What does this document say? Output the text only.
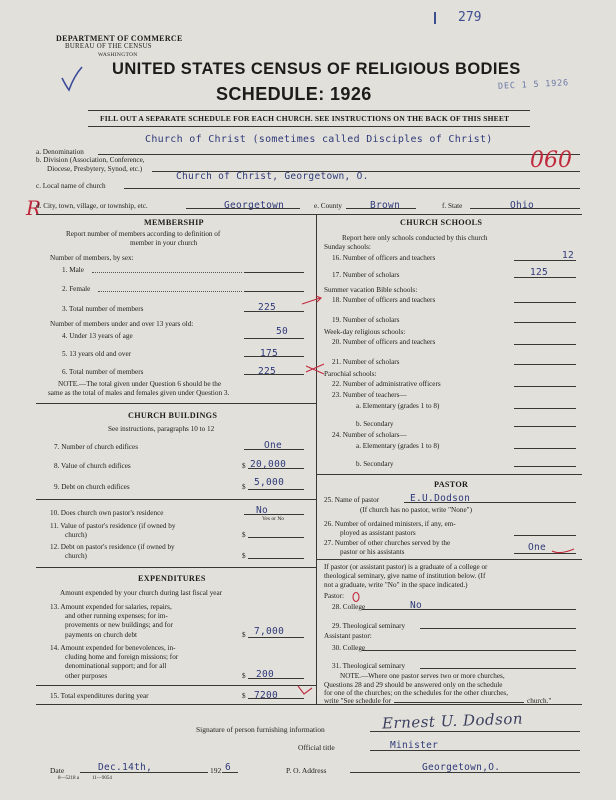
DEPARTMENT OF COMMERCE
BUREAU OF THE CENSUS
WASHINGTON
279
UNITED STATES CENSUS OF RELIGIOUS BODIES
SCHEDULE: 1926	DEC 1 5 1926
FILL OUT A SEPARATE SCHEDULE FOR EACH CHURCH. SEE INSTRUCTIONS ON THE BACK OF THIS SHEET
Church of Christ (sometimes called Disciples of Christ)
a. Denomination
b. Division (Association, Conference,
Diocese, Presbytery, Synod, etc.)	060
Church of Christ, Georgetown, O.
c. Local name of church
R
d. City, town, village, or township, etc.	Georgetown	e. County	Brown	f. State	Ohio
MEMBERSHIP
Report number of members according to definition of
member in your church
Number of members, by sex:
1. Male
2. Female
3. Total number of members	225
Number of members under and over 13 years old:
4. Under 13 years of age	50
5. 13 years old and over	175
6. Total number of members	225
NOTE.—The total given under Question 6 should be the
same as the total of males and females given under Question 3.
CHURCH BUILDINGS
See instructions, paragraphs 10 to 12
7. Number of church edifices	One
8. Value of church edifices	$ 20,000
9. Debt on church edifices	$ 5,000
10. Does church own pastor's residence	No
Yes or No
11. Value of pastor's residence (if owned by
church)	$
12. Debt on pastor's residence (if owned by
church)	$
EXPENDITURES
Amount expended by your church during last fiscal year
13. Amount expended for salaries, repairs,
and other running expenses; for im-
provements or new buildings; and for
payments on church debt	$ 7,000
14. Amount expended for benevolences, in-
cluding home and foreign missions; for
denominational support; and for all
other purposes	$ 200
15. Total expenditures during year	$ 7200
CHURCH SCHOOLS
Report here only schools conducted by this church
Sunday schools:
16. Number of officers and teachers	12
17. Number of scholars	125
Summer vacation Bible schools:
18. Number of officers and teachers
19. Number of scholars
Week-day religious schools:
20. Number of officers and teachers
21. Number of scholars
Parochial schools:
22. Number of administrative officers
23. Number of teachers—
a. Elementary (grades 1 to 8)
b. Secondary
24. Number of scholars—
a. Elementary (grades 1 to 8)
b. Secondary
PASTOR
25. Name of pastor	E.U.Dodson
(If church has no pastor, write "None")
26. Number of ordained ministers, if any, em-
ployed as assistant pastors
27. Number of other churches served by the
pastor or his assistants	One
If pastor (or assistant pastor) is a graduate of a college or
theological seminary, give name of institution below. (If
not a graduate, write "No" in the space indicated.)
Pastor:
28. College	No
29. Theological seminary
Assistant pastor:
30. College
31. Theological seminary
NOTE.—Where one pastor serves two or more churches,
Questions 28 and 29 should be answered only on the schedule
for one of the churches; on the schedules for the other churches,
write "See schedule for	church."
Signature of person furnishing information	Ernest U. Dodson
Official title	Minister
Date	Dec.14th,	192 6	P. O. Address	Georgetown,O.
8—5218 a	11—9054
